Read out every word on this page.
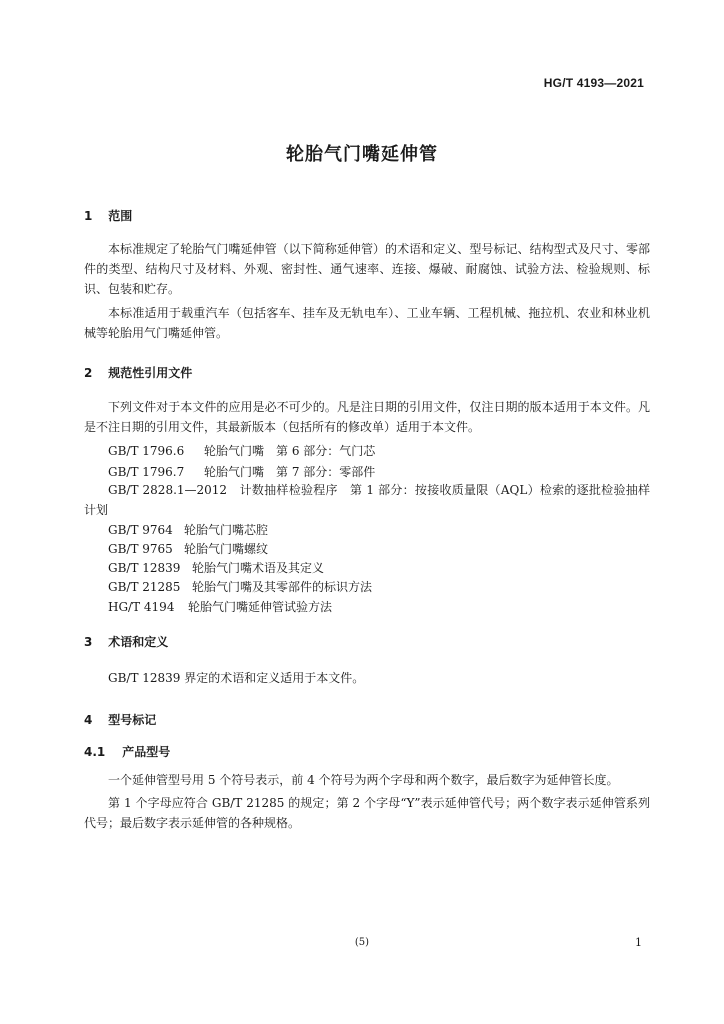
HG/T 4193—2021
轮胎气门嘴延伸管
1 范围

本标准规定了轮胎气门嘴延伸管（以下简称延伸管）的术语和定义、型号标记、结构型式及尺寸、零部件的类型、结构尺寸及材料、外观、密封性、通气速率、连接、爆破、耐腐蚀、试验方法、检验规则、标识、包装和贮存。

本标准适用于载重汽车（包括客车、挂车及无轨电车）、工业车辆、工程机械、拖拉机、农业和林业机械等轮胎用气门嘴延伸管。

2 规范性引用文件

下列文件对于本文件的应用是必不可少的。凡是注日期的引用文件，仅注日期的版本适用于本文件。凡是不注日期的引用文件，其最新版本（包括所有的修改单）适用于本文件。

GB/T 1796.6 轮胎气门嘴　第 6 部分：气门芯
GB/T 1796.7 轮胎气门嘴　第 7 部分：零部件

GB/T 2828.1—2012　 计数抽样检验程序　第 1 部分：按接收质量限（AQL）检索的逐批检验抽样计划

GB/T 9764 轮胎气门嘴芯腔
GB/T 9765 轮胎气门嘴螺纹
GB/T 12839 轮胎气门嘴术语及其定义
GB/T 21285 轮胎气门嘴及其零部件的标识方法
HG/T 4194 轮胎气门嘴延伸管试验方法
3 术语和定义

GB/T 12839 界定的术语和定义适用于本文件。

4 型号标记
4.1 产品型号

一个延伸管型号用 5 个符号表示，前 4 个符号为两个字母和两个数字，最后数字为延伸管长度。

第 1 个字母应符合 GB/T 21285 的规定；第 2 个字母“Y”表示延伸管代号；两个数字表示延伸管系列代号；最后数字表示延伸管的各种规格。

(5)	1
